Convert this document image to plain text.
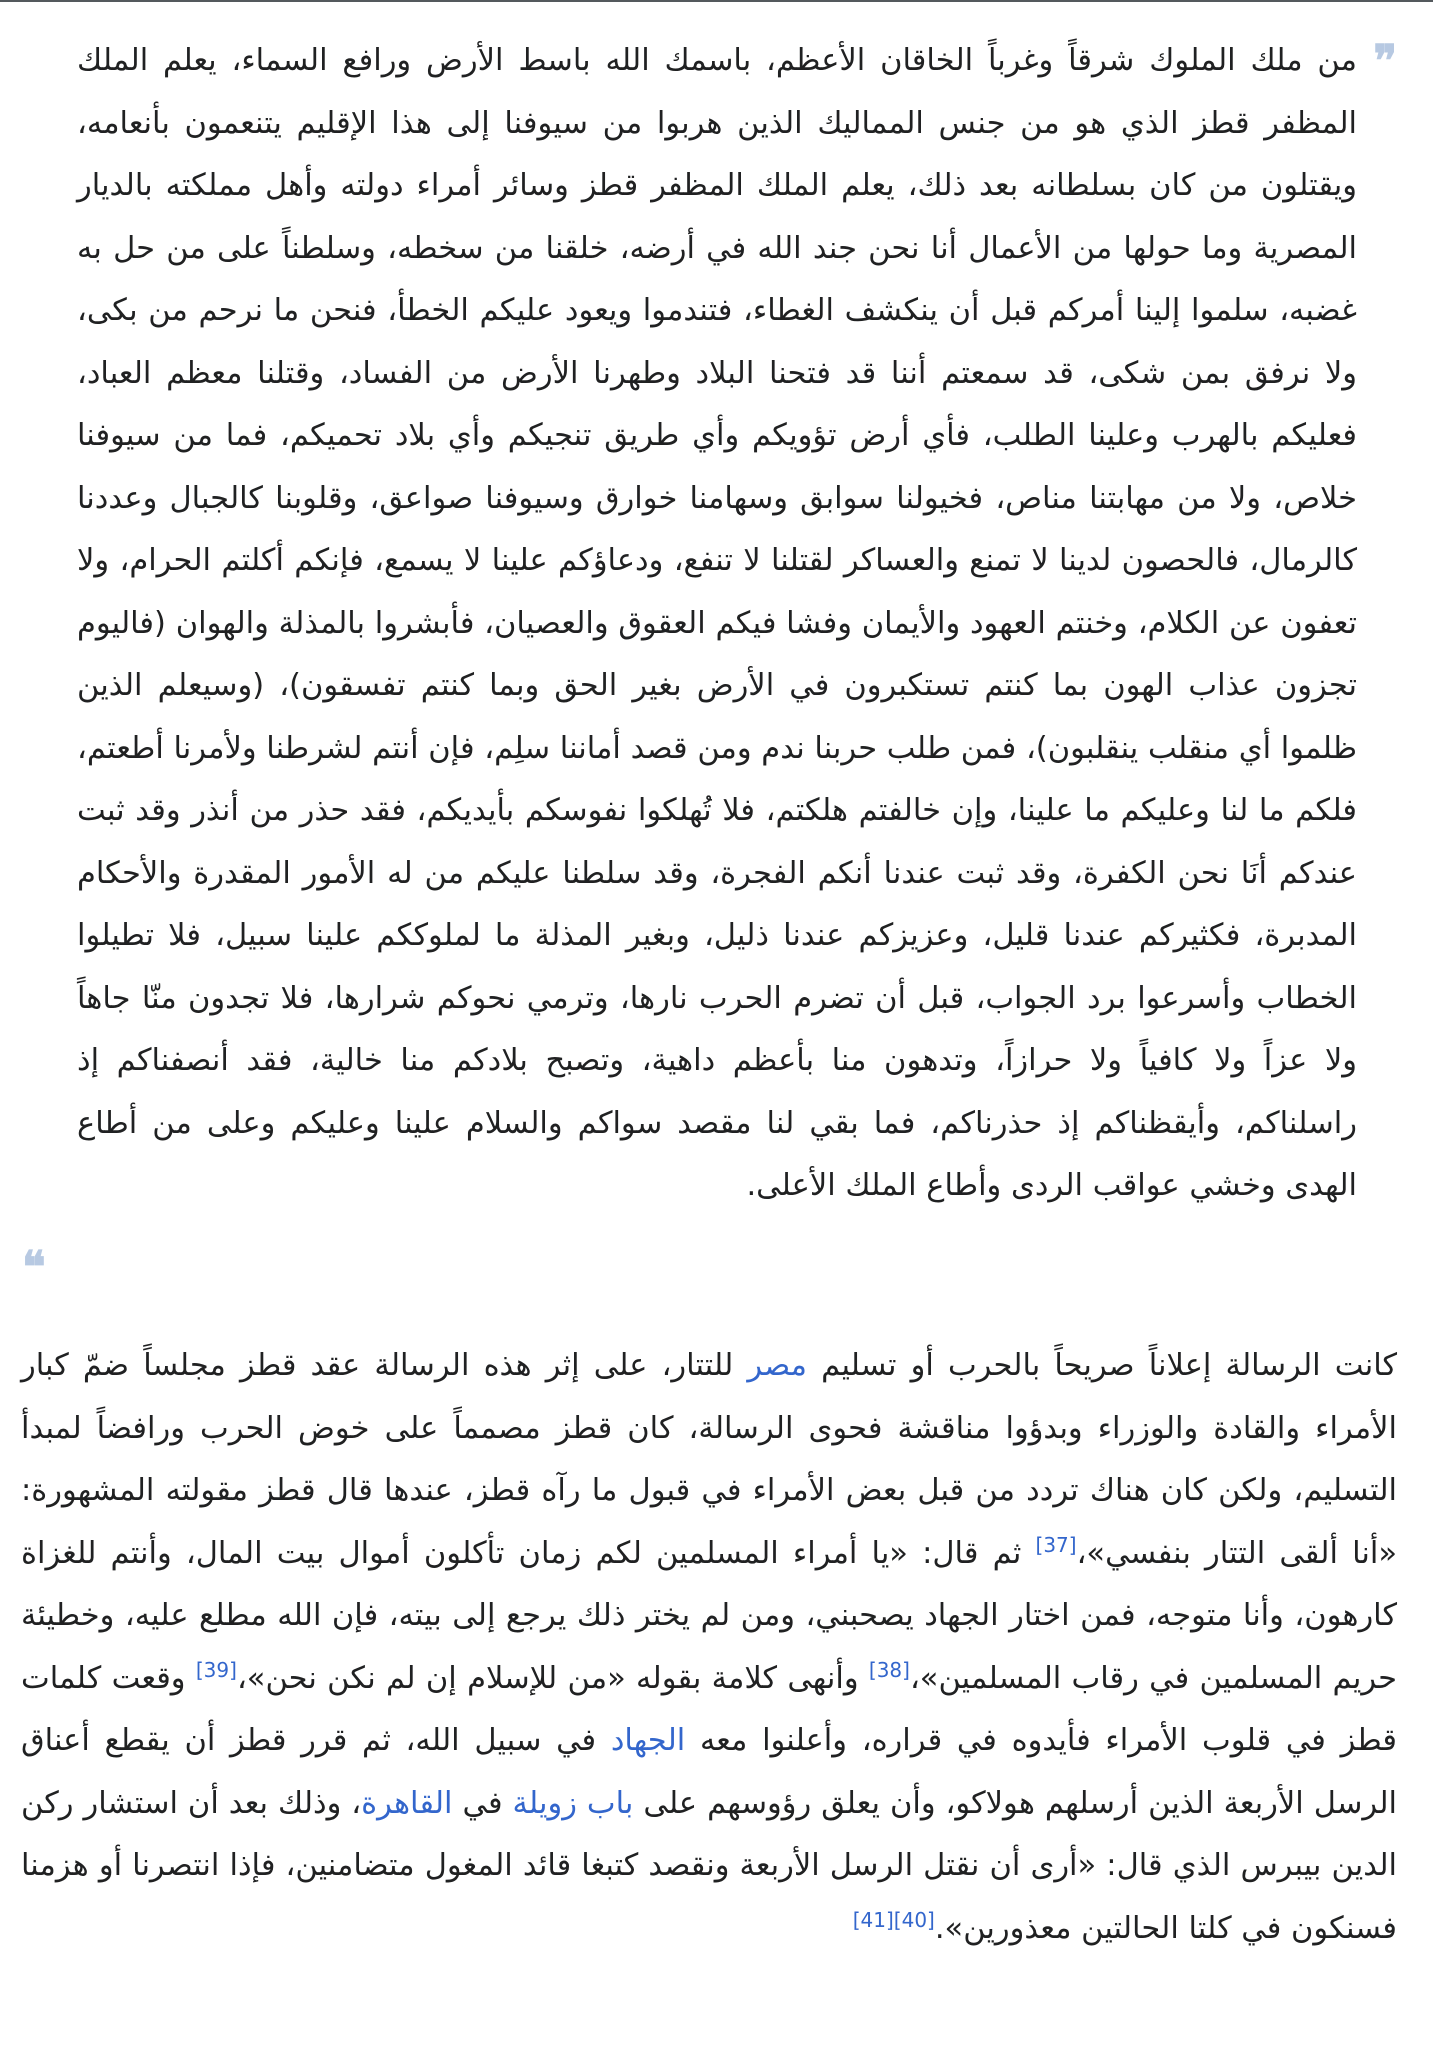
❞

من ملك الملوك شرقاً وغرباً الخاقان الأعظم، باسمك الله باسط الأرض ورافع السماء، يعلم الملك المظفر قطز الذي هو من جنس المماليك الذين هربوا من سيوفنا إلى هذا الإقليم يتنعمون بأنعامه، ويقتلون من كان بسلطانه بعد ذلك، يعلم الملك المظفر قطز وسائر أمراء دولته وأهل مملكته بالديار المصرية وما حولها من الأعمال أنا نحن جند الله في أرضه، خلقنا من سخطه، وسلطناً على من حل به غضبه، سلموا إلينا أمركم قبل أن ينكشف الغطاء، فتندموا ويعود عليكم الخطأ، فنحن ما نرحم من بكى، ولا نرفق بمن شكى، قد سمعتم أننا قد فتحنا البلاد وطهرنا الأرض من الفساد، وقتلنا معظم العباد، فعليكم بالهرب وعلينا الطلب، فأي أرض تؤويكم وأي طريق تنجيكم وأي بلاد تحميكم، فما من سيوفنا خلاص، ولا من مهابتنا مناص، فخيولنا سوابق وسهامنا خوارق وسيوفنا صواعق، وقلوبنا كالجبال وعددنا كالرمال، فالحصون لدينا لا تمنع والعساكر لقتلنا لا تنفع، ودعاؤكم علينا لا يسمع، فإنكم أكلتم الحرام، ولا تعفون عن الكلام، وخنتم العهود والأيمان وفشا فيكم العقوق والعصيان، فأبشروا بالمذلة والهوان (فاليوم تجزون عذاب الهون بما كنتم تستكبرون في الأرض بغير الحق وبما كنتم تفسقون)، (وسيعلم الذين ظلموا أي منقلب ينقلبون)، فمن طلب حربنا ندم ومن قصد أماننا سلِم، فإن أنتم لشرطنا ولأمرنا أطعتم، فلكم ما لنا وعليكم ما علينا، وإن خالفتم هلكتم، فلا تُهلكوا نفوسكم بأيديكم، فقد حذر من أنذر وقد ثبت عندكم أنَا نحن الكفرة، وقد ثبت عندنا أنكم الفجرة، وقد سلطنا عليكم من له الأمور المقدرة والأحكام المدبرة، فكثيركم عندنا قليل، وعزيزكم عندنا ذليل، وبغير المذلة ما لملوككم علينا سبيل، فلا تطيلوا الخطاب وأسرعوا برد الجواب، قبل أن تضرم الحرب نارها، وترمي نحوكم شرارها، فلا تجدون منّا جاهاً ولا عزاً ولا كافياً ولا حرازاً، وتدهون منا بأعظم داهية، وتصبح بلادكم منا خالية، فقد أنصفناكم إذ راسلناكم، وأيقظناكم إذ حذرناكم، فما بقي لنا مقصد سواكم والسلام علينا وعليكم وعلى من أطاع الهدى وخشي عواقب الردى وأطاع الملك الأعلى.

❝

كانت الرسالة إعلاناً صريحاً بالحرب أو تسليم مصر للتتار، على إثر هذه الرسالة عقد قطز مجلساً ضمّ كبار الأمراء والقادة والوزراء وبدؤوا مناقشة فحوى الرسالة، كان قطز مصمماً على خوض الحرب ورافضاً لمبدأ التسليم، ولكن كان هناك تردد من قبل بعض الأمراء في قبول ما رآه قطز، عندها قال قطز مقولته المشهورة: «أنا ألقى التتار بنفسي»،[37] ثم قال: «يا أمراء المسلمين لكم زمان تأكلون أموال بيت المال، وأنتم للغزاة كارهون، وأنا متوجه، فمن اختار الجهاد يصحبني، ومن لم يختر ذلك يرجع إلى بيته، فإن الله مطلع عليه، وخطيئة حريم المسلمين في رقاب المسلمين»،[38] وأنهى كلامة بقوله «من للإسلام إن لم نكن نحن»،[39] وقعت كلمات قطز في قلوب الأمراء فأيدوه في قراره، وأعلنوا معه الجهاد في سبيل الله، ثم قرر قطز أن يقطع أعناق الرسل الأربعة الذين أرسلهم هولاكو، وأن يعلق رؤوسهم على باب زويلة في القاهرة، وذلك بعد أن استشار ركن الدين بيبرس الذي قال: «أرى أن نقتل الرسل الأربعة ونقصد كتبغا قائد المغول متضامنين، فإذا انتصرنا أو هزمنا فسنكون في كلتا الحالتين معذورين».[40][41]
